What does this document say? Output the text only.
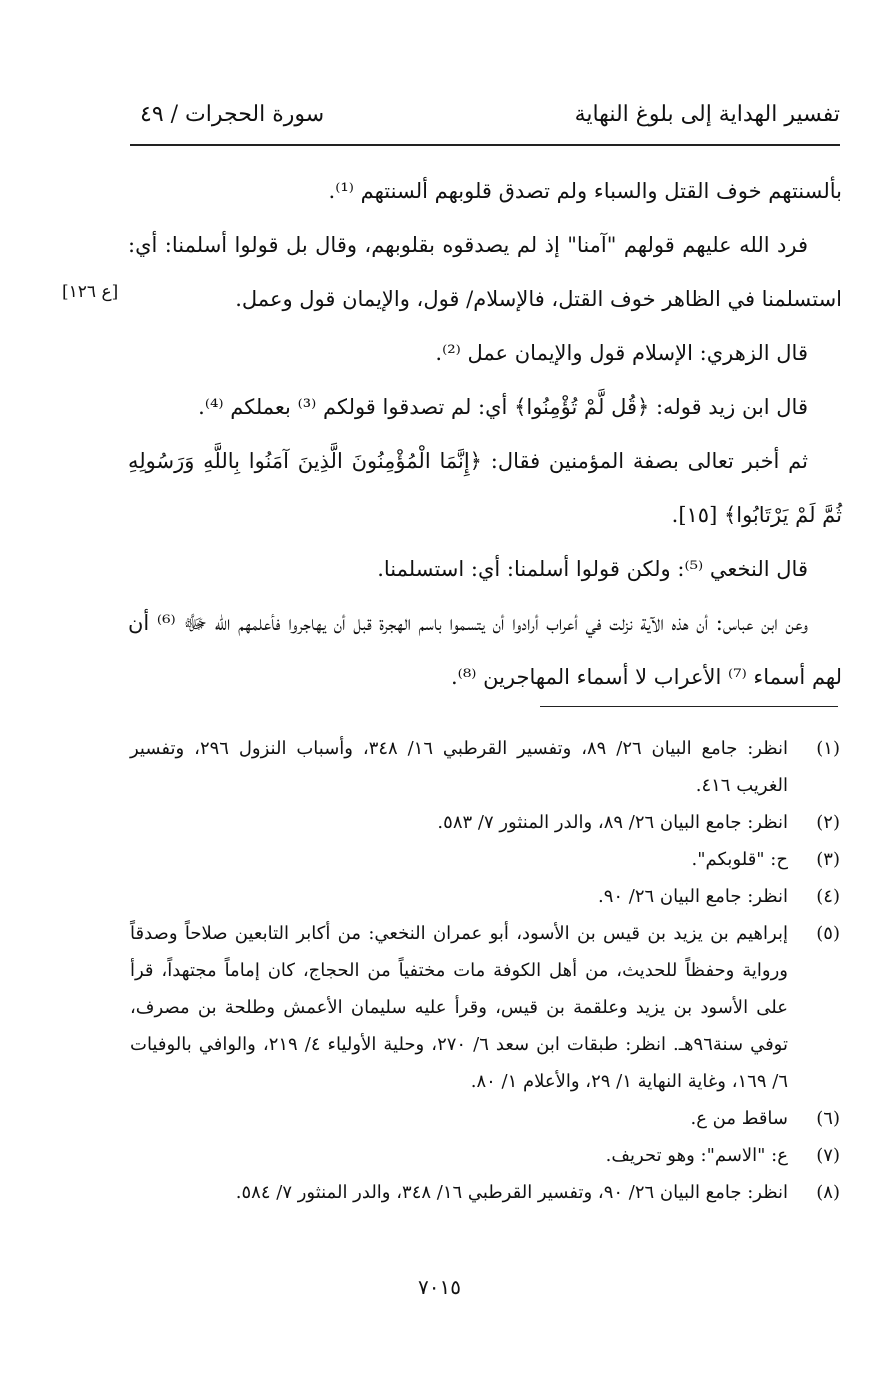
تفسير الهداية إلى بلوغ النهاية
سورة الحجرات / ٤٩
[ع ١٢٦]

بألسنتهم خوف القتل والسباء ولم تصدق قلوبهم ألسنتهم ⁽¹⁾.

فرد الله عليهم قولهم "آمنا" إذ لم يصدقوه بقلوبهم، وقال بل قولوا أسلمنا: أي: استسلمنا في الظاهر خوف القتل، فالإسلام/ قول، والإيمان قول وعمل.

قال الزهري: الإسلام قول والإيمان عمل ⁽²⁾.

قال ابن زيد قوله: ﴿قُل لَّمْ تُؤْمِنُوا﴾ أي: لم تصدقوا قولكم ⁽³⁾ بعملكم ⁽⁴⁾.

ثم أخبر تعالى بصفة المؤمنين فقال: ﴿إِنَّمَا الْمُؤْمِنُونَ الَّذِينَ آمَنُوا بِاللَّهِ وَرَسُولِهِ ثُمَّ لَمْ يَرْتَابُوا﴾ [١٥].

قال النخعي ⁽⁵⁾: ولكن قولوا أسلمنا: أي: استسلمنا.

وعن ابن عباس: أن هذه الآية نزلت في أعراب أرادوا أن يتسموا باسم الهجرة قبل أن يهاجروا فأعلمهم الله ﷻ ⁽⁶⁾ أن لهم أسماء ⁽⁷⁾ الأعراب لا أسماء المهاجرين ⁽⁸⁾.

(١)
انظر: جامع البيان ٢٦/ ٨٩، وتفسير القرطبي ١٦/ ٣٤٨، وأسباب النزول ٢٩٦، وتفسير الغريب ٤١٦.
(٢)
انظر: جامع البيان ٢٦/ ٨٩، والدر المنثور ٧/ ٥٨٣.
(٣)
ح: "قلوبكم".
(٤)
انظر: جامع البيان ٢٦/ ٩٠.
(٥)
إبراهيم بن يزيد بن قيس بن الأسود، أبو عمران النخعي: من أكابر التابعين صلاحاً وصدقاً ورواية وحفظاً للحديث، من أهل الكوفة مات مختفياً من الحجاج، كان إماماً مجتهداً، قرأ على الأسود بن يزيد وعلقمة بن قيس، وقرأ عليه سليمان الأعمش وطلحة بن مصرف، توفي سنة٩٦هـ. انظر: طبقات ابن سعد ٦/ ٢٧٠، وحلية الأولياء ٤/ ٢١٩، والوافي بالوفيات ٦/ ١٦٩، وغاية النهاية ١/ ٢٩، والأعلام ١/ ٨٠.
(٦)
ساقط من ع.
(٧)
ع: "الاسم": وهو تحريف.
(٨)
انظر: جامع البيان ٢٦/ ٩٠، وتفسير القرطبي ١٦/ ٣٤٨، والدر المنثور ٧/ ٥٨٤.
٧٠١٥
